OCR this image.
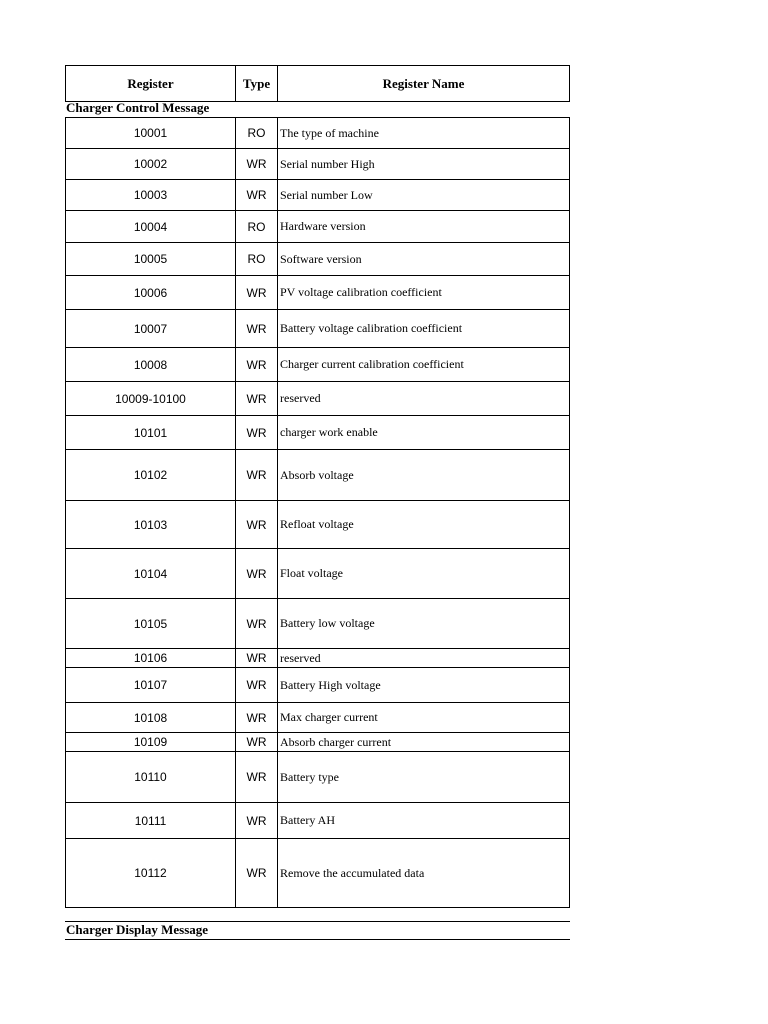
Register	Type	Register Name
Charger Control Message
10001	RO	The type of machine
10002	WR	Serial number High
10003	WR	Serial number Low
10004	RO	Hardware version
10005	RO	Software version
10006	WR	PV voltage calibration coefficient
10007	WR	Battery voltage calibration coefficient
10008	WR	Charger current calibration coefficient
10009-10100	WR	reserved
10101	WR	charger work enable
10102	WR	Absorb voltage
10103	WR	Refloat voltage
10104	WR	Float voltage
10105	WR	Battery low voltage
10106	WR	reserved
10107	WR	Battery High voltage
10108	WR	Max charger current
10109	WR	Absorb charger current
10110	WR	Battery type
10111	WR	Battery AH
10112	WR	Remove the accumulated data
Charger Display Message
